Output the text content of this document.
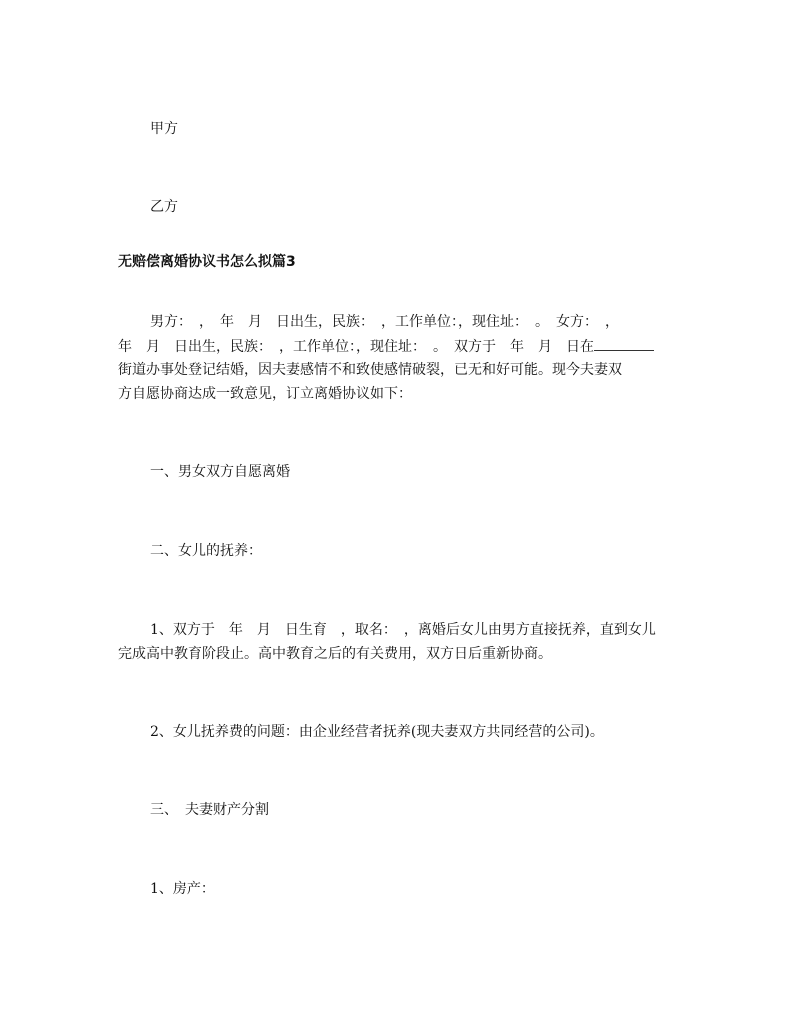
甲方
乙方
无赔偿离婚协议书怎么拟篇3
男方：　，　年　月　日出生，民族：　，工作单位：，现住址：　。　女方：　，
年　月　日出生，民族：　，工作单位：，现住址：　。　双方于　年　月　日在
街道办事处登记结婚，因夫妻感情不和致使感情破裂，已无和好可能。现今夫妻双
方自愿协商达成一致意见，订立离婚协议如下：
一、男女双方自愿离婚
二、女儿的抚养：
1、双方于　年　月　日生育　，取名：　，离婚后女儿由男方直接抚养，直到女儿
完成高中教育阶段止。高中教育之后的有关费用，双方日后重新协商。
2、女儿抚养费的问题：由企业经营者抚养(现夫妻双方共同经营的公司)。
三、　夫妻财产分割
1、房产：
